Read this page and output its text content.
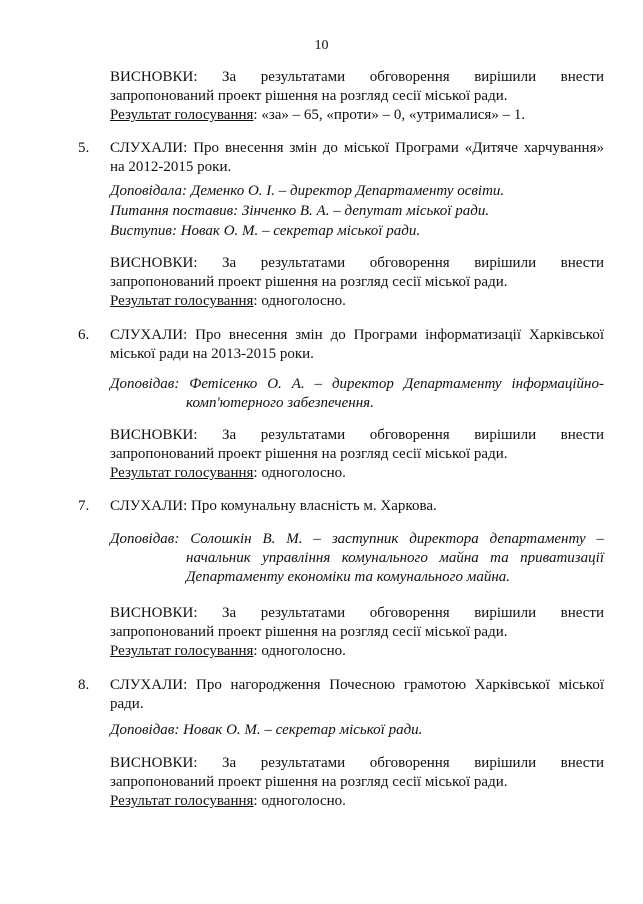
10
ВИСНОВКИ: За результатами обговорення вирішили внести
запропонований проект рішення на розгляд сесії міської ради.
Результат голосування: «за» – 65, «проти» – 0, «утрималися» – 1.
5. СЛУХАЛИ: Про внесення змін до міської Програми «Дитяче харчування»
на 2012-2015 роки.
Доповідала: Деменко О. І. – директор Департаменту освіти.
Питання поставив: Зінченко В. А. – депутат міської ради.
Виступив: Новак О. М. – секретар міської ради.
ВИСНОВКИ: За результатами обговорення вирішили внести
запропонований проект рішення на розгляд сесії міської ради.
Результат голосування: одноголосно.
6. СЛУХАЛИ: Про внесення змін до Програми інформатизації Харківської
міської ради на 2013-2015 роки.
Доповідав: Фетісенко О. А. – директор Департаменту інформаційно-
комп'ютерного забезпечення.
ВИСНОВКИ: За результатами обговорення вирішили внести
запропонований проект рішення на розгляд сесії міської ради.
Результат голосування: одноголосно.
7. СЛУХАЛИ: Про комунальну власність м. Харкова.
Доповідав: Солошкін В. М. – заступник директора департаменту –
начальник управління комунального майна та приватизації
Департаменту економіки та комунального майна.
ВИСНОВКИ: За результатами обговорення вирішили внести
запропонований проект рішення на розгляд сесії міської ради.
Результат голосування: одноголосно.
8. СЛУХАЛИ: Про нагородження Почесною грамотою Харківської міської
ради.
Доповідав: Новак О. М. – секретар міської ради.
ВИСНОВКИ: За результатами обговорення вирішили внести
запропонований проект рішення на розгляд сесії міської ради.
Результат голосування: одноголосно.
